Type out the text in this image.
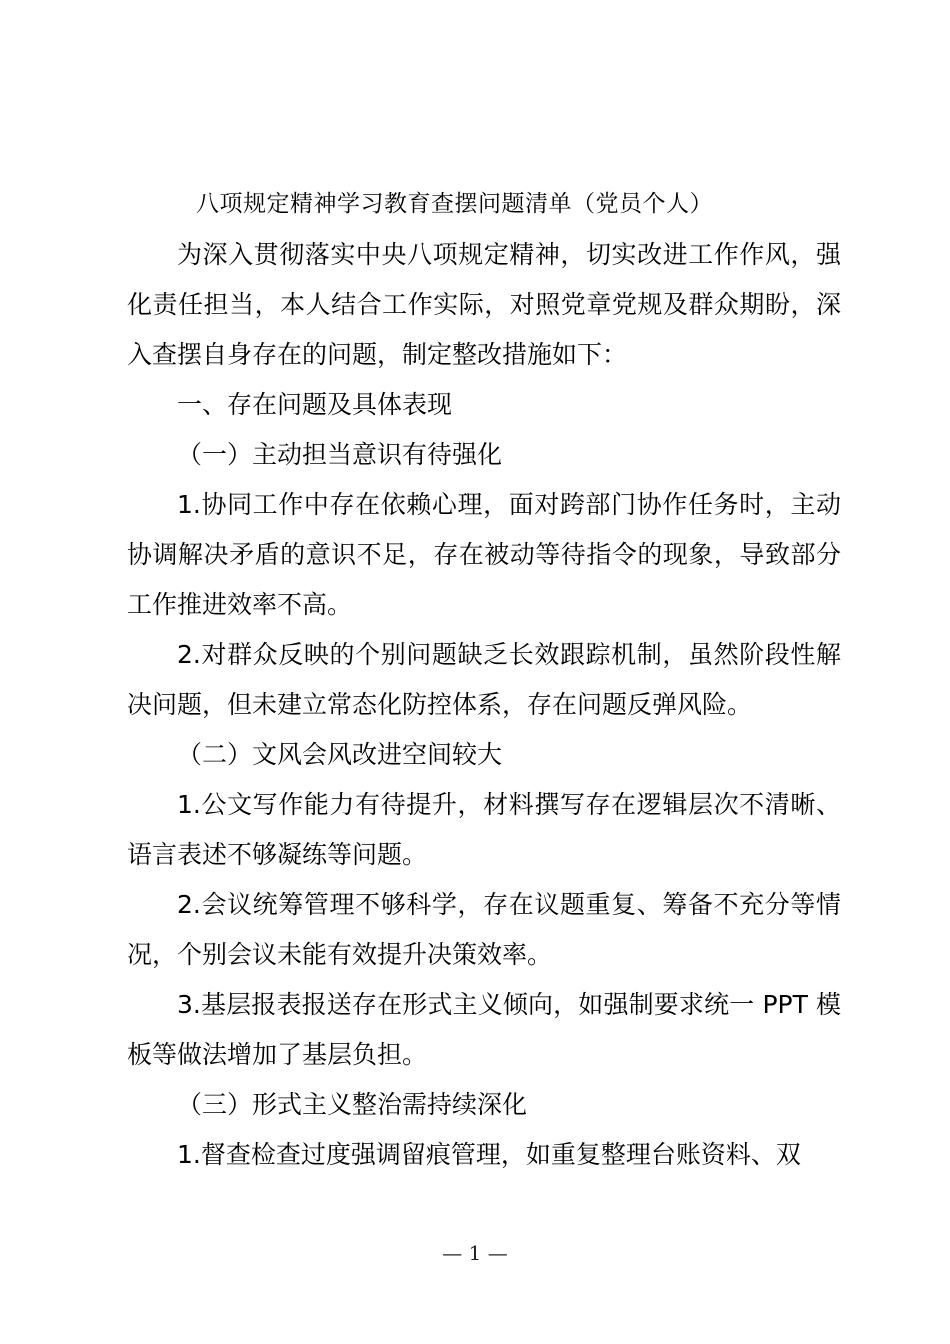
八项规定精神学习教育查摆问题清单（党员个人）

为深入贯彻落实中央八项规定精神，切实改进工作作风，强化责任担当，本人结合工作实际，对照党章党规及群众期盼，深入查摆自身存在的问题，制定整改措施如下：

一、存在问题及具体表现

（一）主动担当意识有待强化

1.协同工作中存在依赖心理，面对跨部门协作任务时，主动协调解决矛盾的意识不足，存在被动等待指令的现象，导致部分工作推进效率不高。

2.对群众反映的个别问题缺乏长效跟踪机制，虽然阶段性解决问题，但未建立常态化防控体系，存在问题反弹风险。

（二）文风会风改进空间较大

1.公文写作能力有待提升，材料撰写存在逻辑层次不清晰、语言表述不够凝练等问题。

2.会议统筹管理不够科学，存在议题重复、筹备不充分等情况，个别会议未能有效提升决策效率。

3.基层报表报送存在形式主义倾向，如强制要求统一 PPT 模板等做法增加了基层负担。

（三）形式主义整治需持续深化

1.督查检查过度强调留痕管理，如重复整理台账资料、双

— 1 —
